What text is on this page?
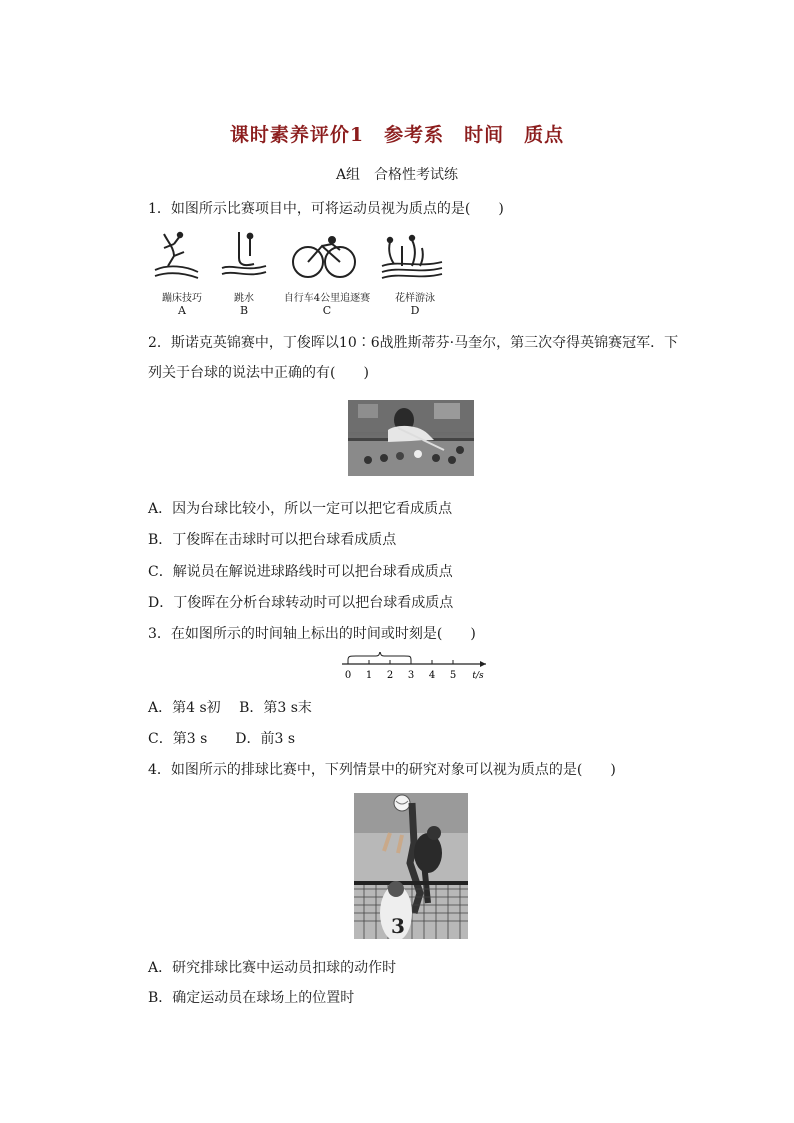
课时素养评价1　参考系　时间　质点
A组　合格性考试练
1．如图所示比赛项目中，可将运动员视为质点的是(　　)
蹦床技巧	跳水	自行车4公里追逐赛	花样游泳
A	B	C	D
2．斯诺克英锦赛中，丁俊晖以10∶6战胜斯蒂芬·马奎尔，第三次夺得英锦赛冠军．下
列关于台球的说法中正确的有(　　)
A．因为台球比较小，所以一定可以把它看成质点
B．丁俊晖在击球时可以把台球看成质点
C．解说员在解说进球路线时可以把台球看成质点
D．丁俊晖在分析台球转动时可以把台球看成质点
3．在如图所示的时间轴上标出的时间或时刻是(　　)
0 1 2 3 4 5 t/s
A．第4 s初　 B．第3 s末
C．第3 s　　D．前3 s
4．如图所示的排球比赛中，下列情景中的研究对象可以视为质点的是(　　)
3
A．研究排球比赛中运动员扣球的动作时
B．确定运动员在球场上的位置时
